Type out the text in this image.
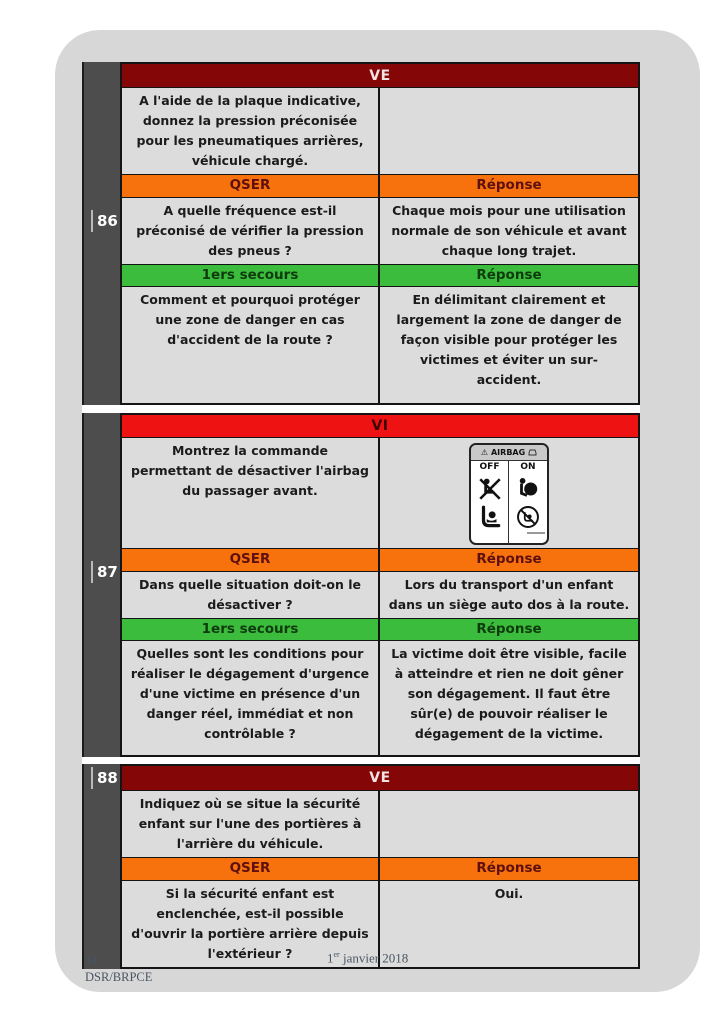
86
VE
A l'aide de la plaque indicative, donnez la pression préconisée pour les pneumatiques arrières, véhicule chargé.
QSER	Réponse
A quelle fréquence est-il préconisé de vérifier la pression des pneus ?
Chaque mois pour une utilisation normale de son véhicule et avant chaque long trajet.
1ers secours	Réponse
Comment et pourquoi protéger une zone de danger en cas d'accident de la route ?
En délimitant clairement et largement la zone de danger de façon visible pour protéger les victimes et éviter un sur-accident.
87
VI
Montrez la commande permettant de désactiver l'airbag du passager avant.
⚠ AIRBAG
OFF ON
QSER	Réponse
Dans quelle situation doit-on le désactiver ?
Lors du transport d'un enfant dans un siège auto dos à la route.
1ers secours	Réponse
Quelles sont les conditions pour réaliser le dégagement d'urgence d'une victime en présence d'un danger réel, immédiat et non contrôlable ?
La victime doit être visible, facile à atteindre et rien ne doit gêner son dégagement. Il faut être sûr(e) de pouvoir réaliser le dégagement de la victime.
88	VE
Indiquez où se situe la sécurité enfant sur l'une des portières à l'arrière du véhicule.
QSER	Réponse
Si la sécurité enfant est enclenchée, est-il possible d'ouvrir la portière arrière depuis l'extérieur ?
Oui.
34
DSR/BRPCE
1er janvier 2018
